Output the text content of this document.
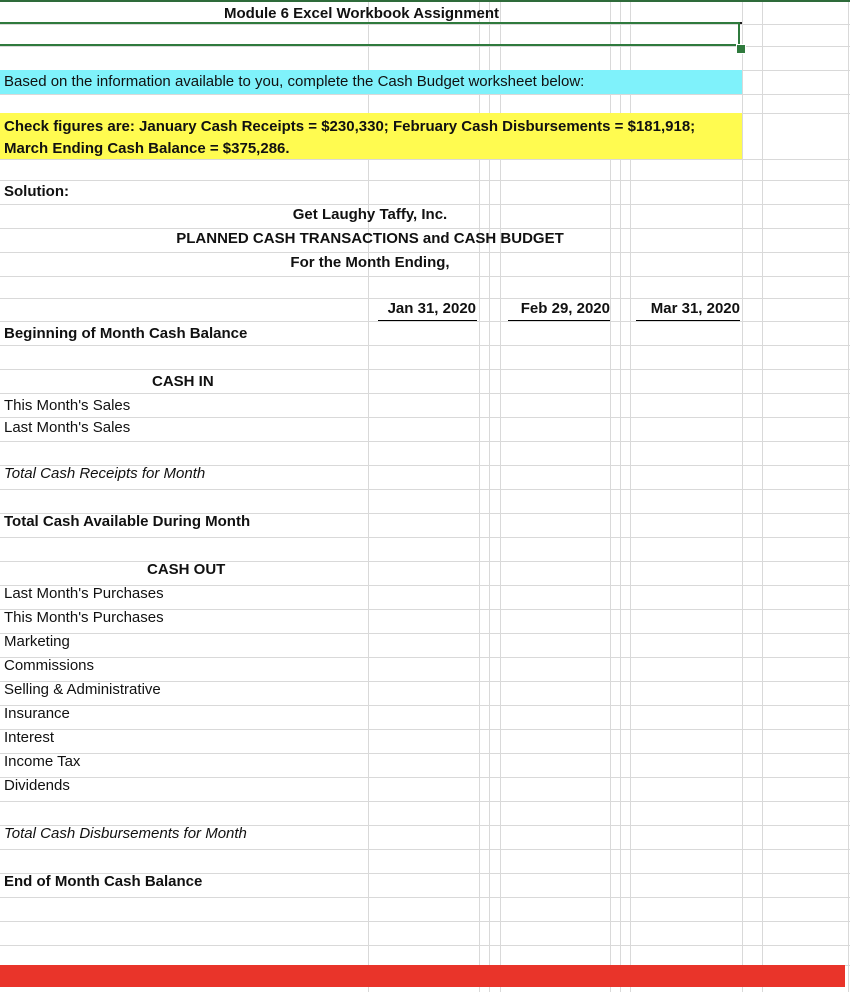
Module 6 Excel Workbook Assignment
Based on the information available to you, complete the Cash Budget worksheet below:
Check figures are: January Cash Receipts = $230,330; February Cash Disbursements = $181,918;
March Ending Cash Balance = $375,286.
Solution:
Get Laughy Taffy, Inc.
PLANNED CASH TRANSACTIONS and CASH BUDGET
For the Month Ending,
Jan 31, 2020	Feb 29, 2020	Mar 31, 2020
Beginning of Month Cash Balance
CASH IN
This Month's Sales
Last Month's Sales
Total Cash Receipts for Month
Total Cash Available During Month
CASH OUT
Last Month's Purchases
This Month's Purchases
Marketing
Commissions
Selling & Administrative
Insurance
Interest
Income Tax
Dividends
Total Cash Disbursements for Month
End of Month Cash Balance
